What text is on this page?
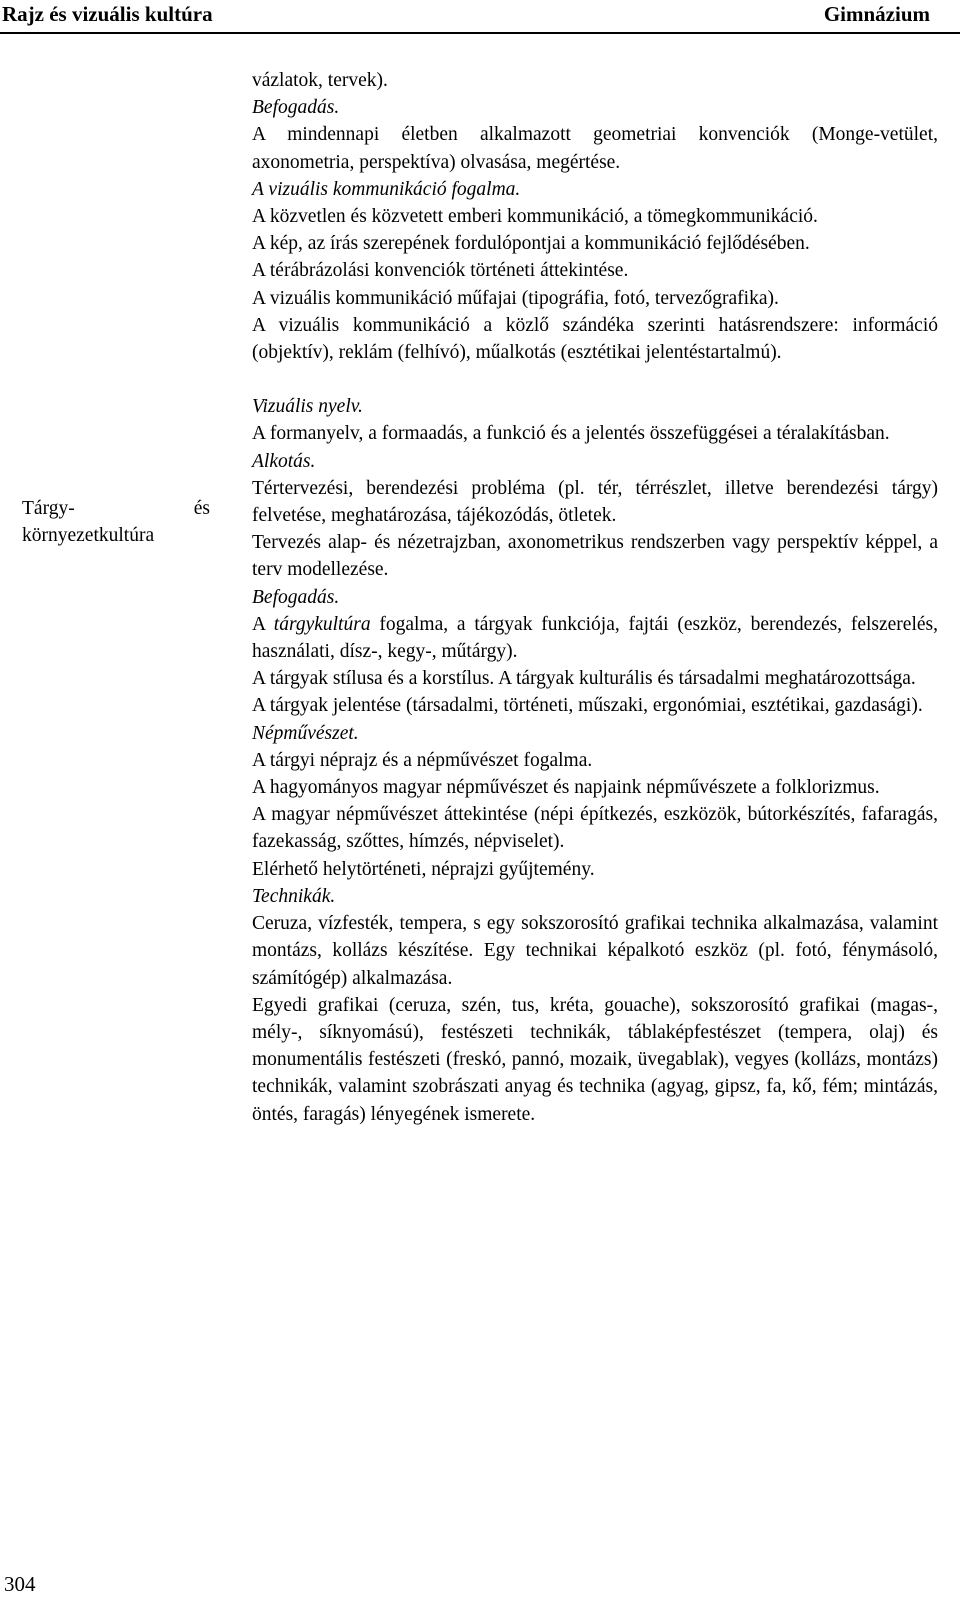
Rajz és vizuális kultúra	Gimnázium

Tárgy- és

környezetkultúra

vázlatok, tervek).

Befogadás.

A mindennapi életben alkalmazott geometriai konvenciók (Monge-vetület, axonometria, perspektíva) olvasása, megértése.

A vizuális kommunikáció fogalma.

A közvetlen és közvetett emberi kommunikáció, a tömegkommunikáció.

A kép, az írás szerepének fordulópontjai a kommunikáció fejlődésében.

A térábrázolási konvenciók történeti áttekintése.

A vizuális kommunikáció műfajai (tipográfia, fotó, tervezőgrafika).

A vizuális kommunikáció a közlő szándéka szerinti hatásrendszere: információ (objektív), reklám (felhívó), műalkotás (esztétikai jelentéstartalmú).

Vizuális nyelv.

A formanyelv, a formaadás, a funkció és a jelentés összefüggései a téralakításban.

Alkotás.

Tértervezési, berendezési probléma (pl. tér, térrészlet, illetve berendezési tárgy) felvetése, meghatározása, tájékozódás, ötletek.

Tervezés alap- és nézetrajzban, axonometrikus rendszerben vagy perspektív képpel, a terv modellezése.

Befogadás.

A tárgykultúra fogalma, a tárgyak funkciója, fajtái (eszköz, berendezés, felszerelés, használati, dísz-, kegy-, műtárgy).

A tárgyak stílusa és a korstílus. A tárgyak kulturális és társadalmi meghatározottsága.

A tárgyak jelentése (társadalmi, történeti, műszaki, ergonómiai, esztétikai, gazdasági).

Népművészet.

A tárgyi néprajz és a népművészet fogalma.

A hagyományos magyar népművészet és napjaink népművészete a folklorizmus.

A magyar népművészet áttekintése (népi építkezés, eszközök, bútorkészítés, fafaragás, fazekasság, szőttes, hímzés, népviselet).

Elérhető helytörténeti, néprajzi gyűjtemény.

Technikák.

Ceruza, vízfesték, tempera, s egy sokszorosító grafikai technika alkalmazása, valamint montázs, kollázs készítése. Egy technikai képalkotó eszköz (pl. fotó, fénymásoló, számítógép) alkalmazása.

Egyedi grafikai (ceruza, szén, tus, kréta, gouache), sokszorosító grafikai (magas-, mély-, síknyomású), festészeti technikák, táblaképfestészet (tempera, olaj) és monumentális festészeti (freskó, pannó, mozaik, üvegablak), vegyes (kollázs, montázs) technikák, valamint szobrászati anyag és technika (agyag, gipsz, fa, kő, fém; mintázás, öntés, faragás) lényegének ismerete.

304
